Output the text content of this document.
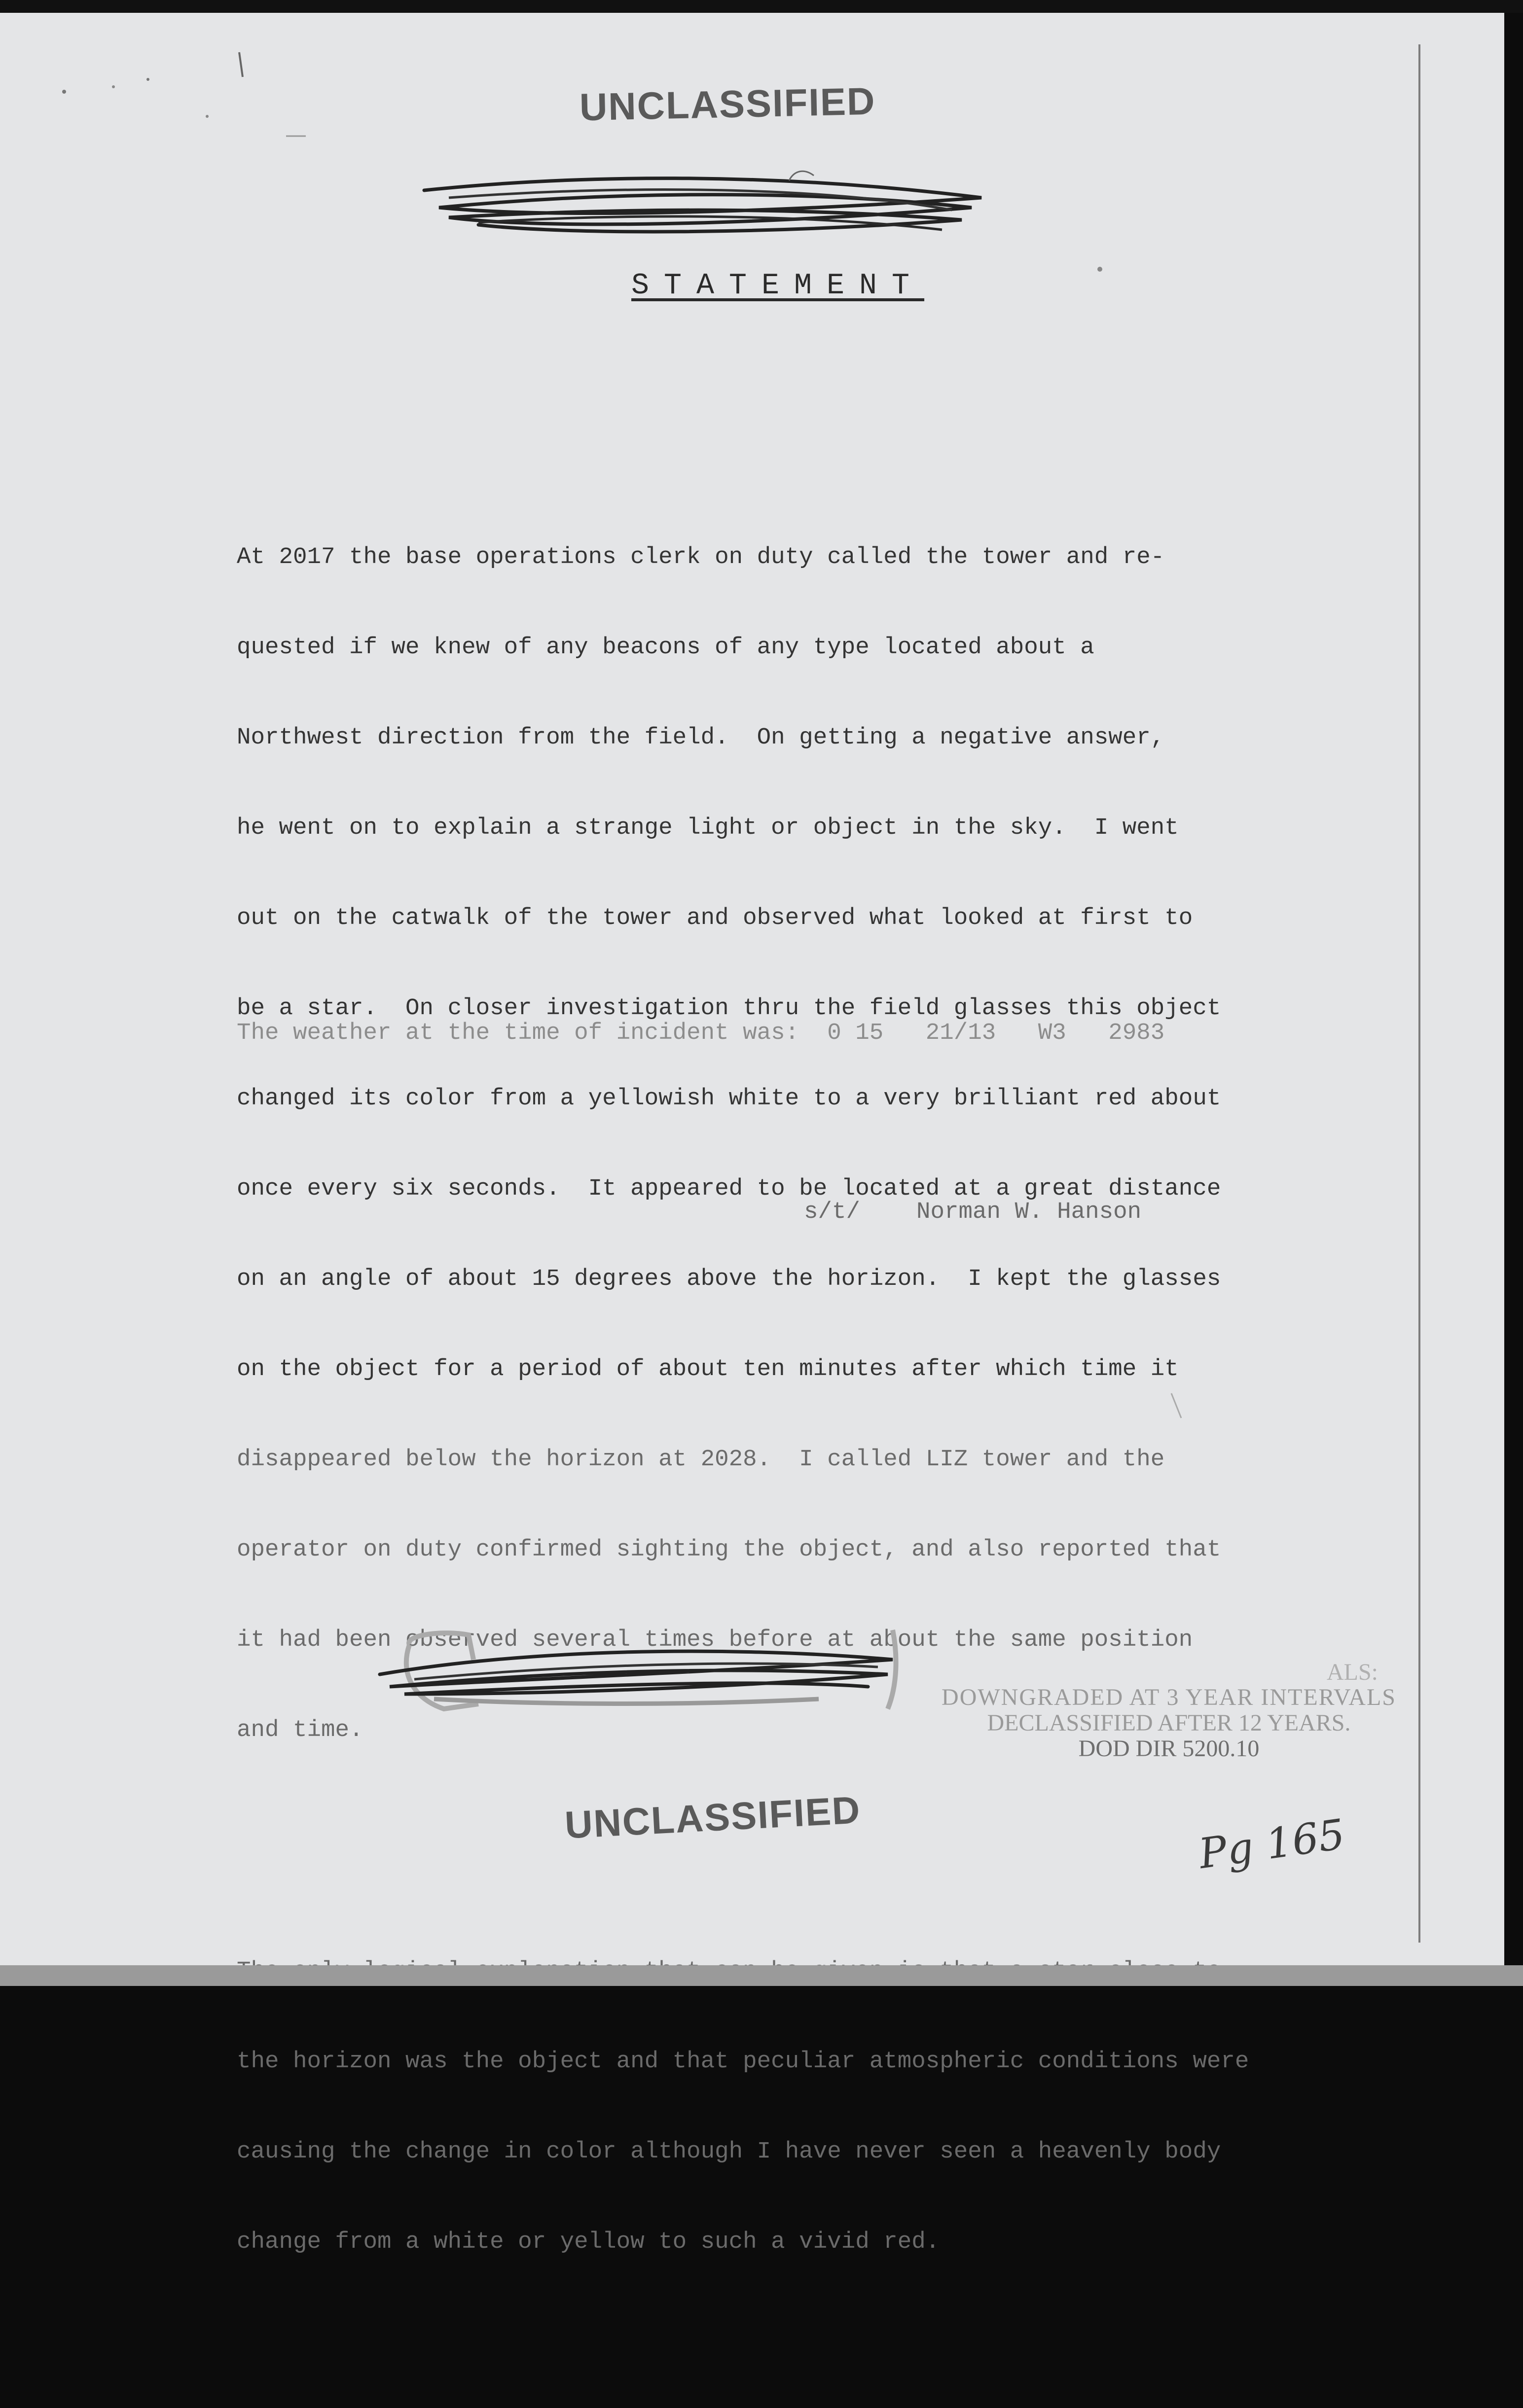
UNCLASSIFIED
STATEMENT

At 2017 the base operations clerk on duty called the tower and re-

quested if we knew of any beacons of any type located about a

Northwest direction from the field.  On getting a negative answer,

he went on to explain a strange light or object in the sky.  I went

out on the catwalk of the tower and observed what looked at first to

be a star.  On closer investigation thru the field glasses this object

changed its color from a yellowish white to a very brilliant red about

once every six seconds.  It appeared to be located at a great distance

on an angle of about 15 degrees above the horizon.  I kept the glasses

on the object for a period of about ten minutes after which time it

disappeared below the horizon at 2028.  I called LIZ tower and the

operator on duty confirmed sighting the object, and also reported that

it had been observed several times before at about the same position

and time.

the horizon was the object and that peculiar atmospheric conditions were

causing the change in color although I have never seen a heavenly body

change from a white or yellow to such a vivid red.

The weather at the time of incident was:  0 15   21/13   W3   2983
s/t/    Norman W. Hanson
ALS:
DOWNGRADED AT 3 YEAR INTERVALS
DECLASSIFIED AFTER 12 YEARS.
DOD DIR 5200.10
UNCLASSIFIED	Pg 165
